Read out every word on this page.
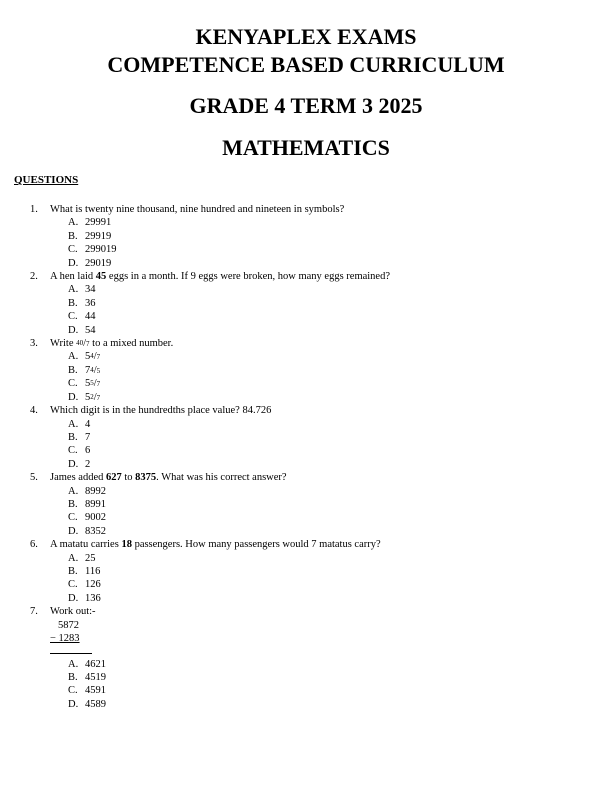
KENYAPLEX EXAMS
COMPETENCE BASED CURRICULUM
GRADE 4 TERM 3 2025
MATHEMATICS
QUESTIONS
1.	What is twenty nine thousand, nine hundred and nineteen in symbols?
A. 29991
B. 29919
C. 299019
D. 29019
2.	A hen laid 45 eggs in a month. If 9 eggs were broken, how many eggs remained?
A. 34
B. 36
C. 44
D. 54
3.	Write $^{40}$ / 7 to a mixed number.
A. $5^4 / 7$
B. $7^4 / 5$
C. $5^5 / 7$
D. $5^2 / 7$
4.	Which digit is in the hundredths place value? 84.726
A. 4
B. 7
C. 6
D. 2
5.	James added 627 to 8375. What was his correct answer?
A. 8992
B. 8991
C. 9002
D. 8352
6.	A matatu carries 18 passengers. How many passengers would 7 matatus carry?
A. 25
B. 116
C. 126
D. 136
7.	Work out:-
5872
− 1283
A. 4621
B. 4519
C. 4591
D. 4589
